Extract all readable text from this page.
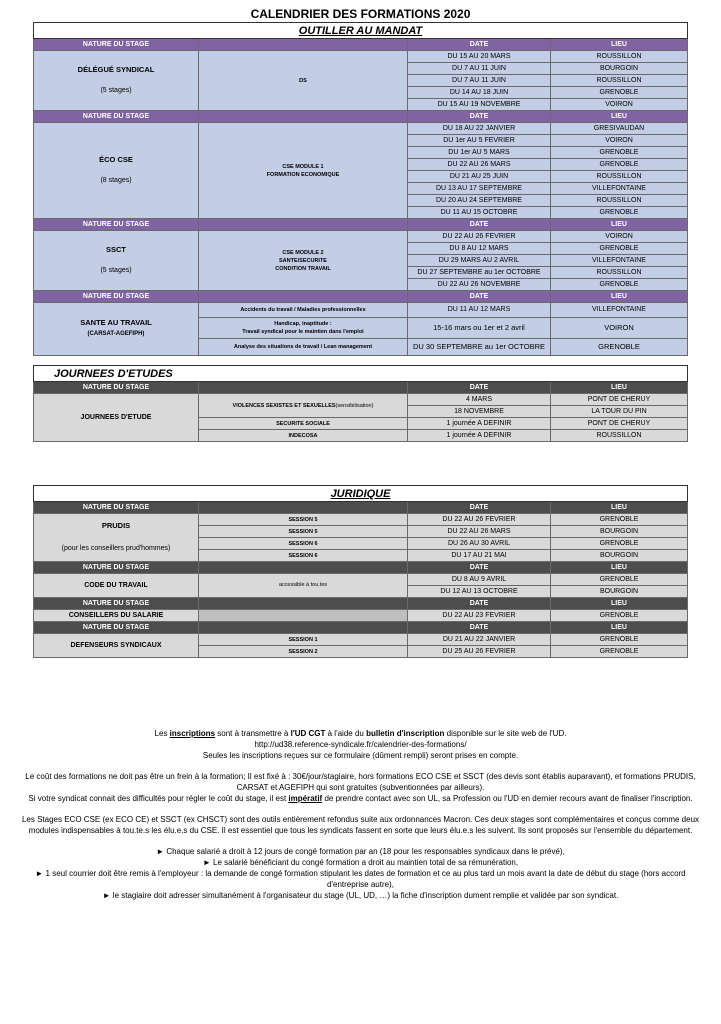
CALENDRIER DES FORMATIONS 2020
OUTILLER AU MANDAT			
NATURE DU STAGE		DATE	LIEU
DÉLÉGUÉ SYNDICAL
(5 stages)	DS	DU 15 AU 20 MARS	ROUSSILLON
		DU 7 AU 11 JUIN	BOURGOIN
		DU 7 AU 11 JUIN	ROUSSILLON
		DU 14 AU 18 JUIN	GRENOBLE
		DU 15 AU 19 NOVEMBRE	VOIRON
NATURE DU STAGE		DATE	LIEU
ÉCO CSE
(8 stages)	CSE MODULE 1
FORMATION ECONOMIQUE	DU 18 AU 22 JANVIER	GRESIVAUDAN
		DU 1er AU 5 FEVRIER	VOIRON
		DU 1er AU 5 MARS	GRENOBLE
		DU 22 AU 26 MARS	GRENOBLE
		DU 21 AU 25 JUIN	ROUSSILLON
		DU 13 AU 17 SEPTEMBRE	VILLEFONTAINE
		DU 20 AU 24 SEPTEMBRE	ROUSSILLON
		DU 11 AU 15 OCTOBRE	GRENOBLE
NATURE DU STAGE		DATE	LIEU
SSCT
(5 stages)	CSE MODULE 2
SANTE/SECURITE
CONDITION TRAVAIL	DU 22 AU 26 FEVRIER	VOIRON
		DU 8 AU 12 MARS	GRENOBLE
		DU 29 MARS AU 2 AVRIL	VILLEFONTAINE
		DU 27 SEPTEMBRE au 1er OCTOBRE	ROUSSILLON
		DU 22 AU 26 NOVEMBRE	GRENOBLE
NATURE DU STAGE		DATE	LIEU
SANTE AU TRAVAIL
(CARSAT-AGEFIPH)	Accidents du travail / Maladies professionnelles	DU 11 AU 12 MARS	VILLEFONTAINE
	Handicap, inaptitude :
Travail syndical pour le maintien dans l'emploi	15-16 mars ou 1er et 2 avril	VOIRON
	Analyse des situations de travail / Lean management	DU 30 SEPTEMBRE au 1er OCTOBRE	GRENOBLE
JOURNEES D'ETUDES			
NATURE DU STAGE		DATE	LIEU
JOURNEES D'ETUDE	VIOLENCES SEXISTES ET SEXUELLES(sensibilisation)	4 MARS	PONT DE CHERUY
		18 NOVEMBRE	LA TOUR DU PIN
	SECURITE SOCIALE	1 journée A DEFINIR	PONT DE CHERUY
	INDECOSA	1 journée A DEFINIR	ROUSSILLON
JURIDIQUE			
NATURE DU STAGE		DATE	LIEU
PRUDIS
(pour les conseillers prud'hommes)	SESSION 5	DU 22 AU 26 FEVRIER	GRENOBLE
	SESSION 5	DU 22 AU 26 MARS	BOURGOIN
	SESSION 6	DU 26 AU 30 AVRIL	GRENOBLE
	SESSION 6	DU 17 AU 21 MAI	BOURGOIN
NATURE DU STAGE		DATE	LIEU
CODE DU TRAVAIL	accessible à tou.tes	DU 8 AU 9 AVRIL	GRENOBLE
		DU 12 AU 13 OCTOBRE	BOURGOIN
NATURE DU STAGE		DATE	LIEU
CONSEILLERS DU SALARIE		DU 22 AU 23 FEVRIER	GRENOBLE
NATURE DU STAGE		DATE	LIEU
DEFENSEURS SYNDICAUX	SESSION 1	DU 21 AU 22 JANVIER	GRENOBLE
	SESSION 2	DU 25 AU 26 FEVRIER	GRENOBLE

Les inscriptions sont à transmettre à l'UD CGT à l'aide du bulletin d'inscription disponible sur le site web de l'UD.
http://ud38.reference-syndicale.fr/calendrier-des-formations/
Seules les inscriptions reçues sur ce formulaire (dûment rempli) seront prises en compte.

Le coût des formations ne doit pas être un frein à la formation; Il est fixé à : 30€/jour/stagiaire, hors formations ECO CSE et SSCT (des devis sont établis auparavant), et formations PRUDIS, CARSAT et AGEFIPH qui sont gratuites (subventionnées par ailleurs).
Si votre syndicat connait des difficultés pour régler le coût du stage, il est impératif de prendre contact avec son UL, sa Profession ou l'UD en dernier recours avant de finaliser l'inscription.

Les Stages ECO CSE (ex ECO CE) et SSCT (ex CHSCT) sont des outils entièrement refondus suite aux ordonnances Macron. Ces deux stages sont complémentaires et conçus comme deux modules indispensables à tou.te.s les élu.e.s du CSE. Il est essentiel que tous les syndicats fassent en sorte que leurs élu.e.s les suivent. Ils sont proposés sur l'ensemble du département.

► Chaque salarié a droit à 12 jours de congé formation par an (18 pour les responsables syndicaux dans le prévé),
► Le salarié bénéficiant du congé formation a droit au maintien total de sa rémunération,
► 1 seul courrier doit être remis à l'employeur : la demande de congé formation stipulant les dates de formation et ce au plus tard un mois avant la date de début du stage (hors accord d'entreprise autre),
► le stagiaire doit adresser simultanément à l'organisateur du stage (UL, UD, …) la fiche d'inscription dument remplie et validée par son syndicat.
